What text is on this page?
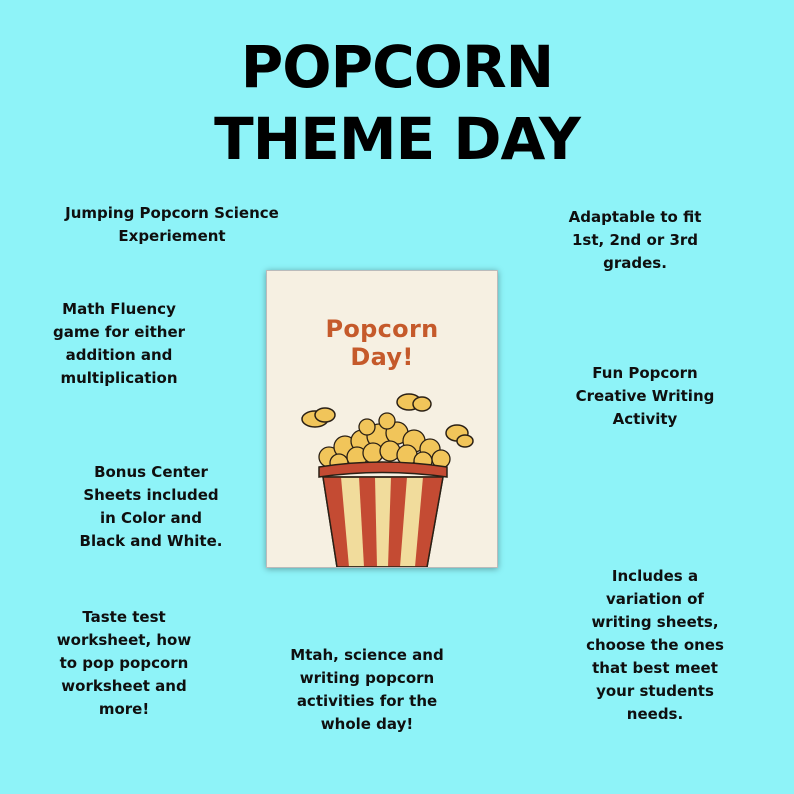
POPCORN
THEME DAY

Jumping Popcorn Science
Experiement

Math Fluency
game for either
addition and
multiplication

Bonus Center
Sheets included
in Color and
Black and White.

Taste test
worksheet, how
to pop popcorn
worksheet and
more!

Mtah, science and
writing popcorn
activities for the
whole day!

Adaptable to fit
1st, 2nd or 3rd
grades.

Fun Popcorn
Creative Writing
Activity

Includes a
variation of
writing sheets,
choose the ones
that best meet
your students
needs.

Popcorn
Day!
